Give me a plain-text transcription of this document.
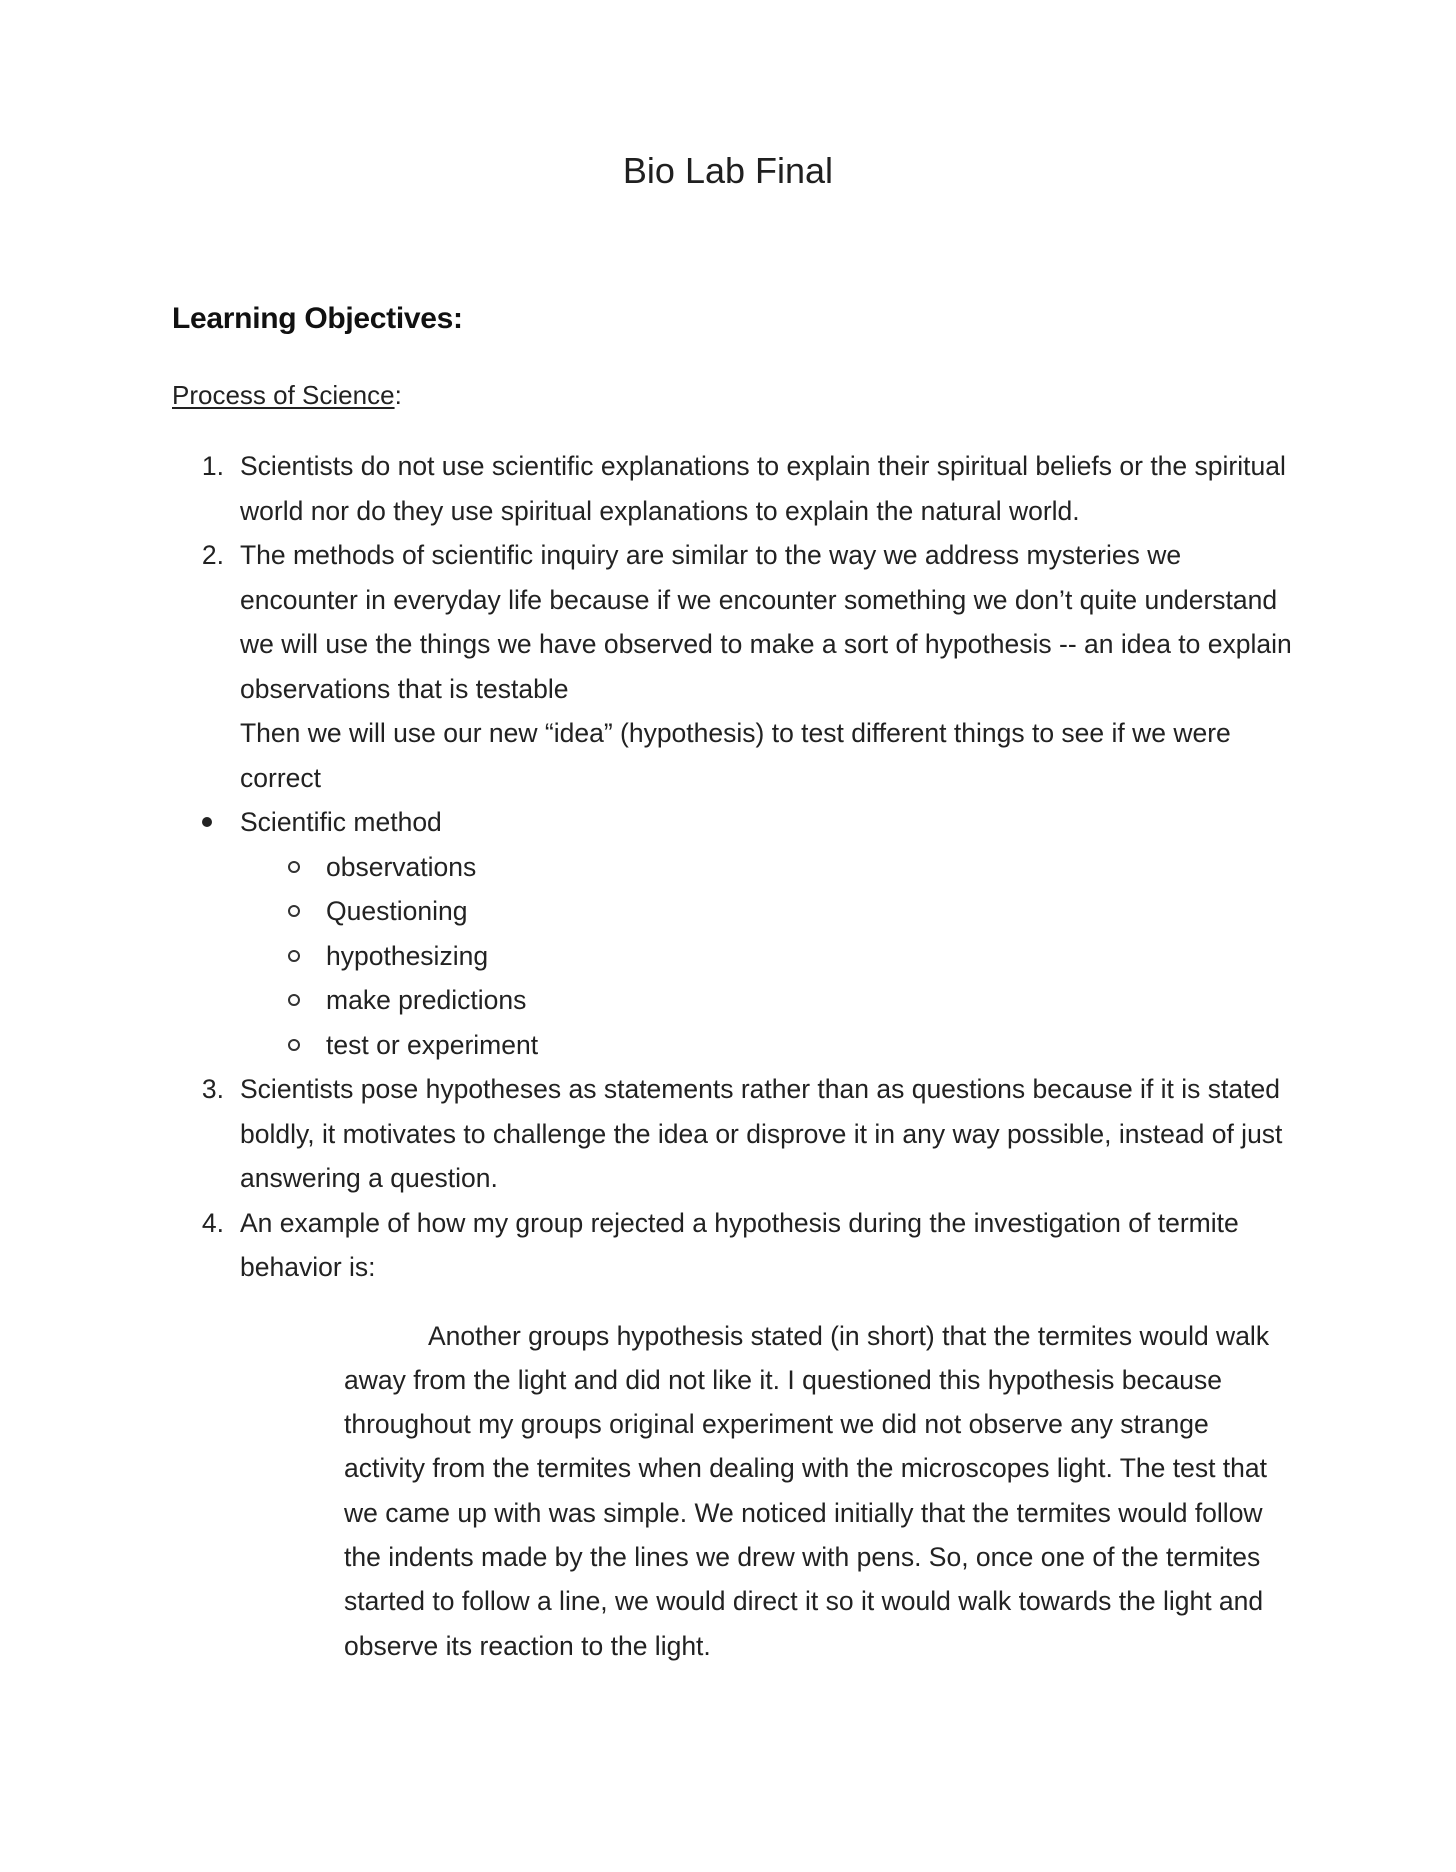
Bio Lab Final
Learning Objectives:

Process of Science:

1. Scientists do not use scientific explanations to explain their spiritual beliefs or the spiritual world nor do they use spiritual explanations to explain the natural world.
2. The methods of scientific inquiry are similar to the way we address mysteries we encounter in everyday life because if we encounter something we don’t quite understand we will use the things we have observed to make a sort of hypothesis -- an idea to explain observations that is testable
Then we will use our new “idea” (hypothesis) to test different things to see if we were correct
Scientific method
observations
Questioning
hypothesizing
make predictions
test or experiment
3. Scientists pose hypotheses as statements rather than as questions because if it is stated boldly, it motivates to challenge the idea or disprove it in any way possible, instead of just answering a question.
4. An example of how my group rejected a hypothesis during the investigation of termite behavior is:

Another groups hypothesis stated (in short) that the termites would walk away from the light and did not like it. I questioned this hypothesis because throughout my groups original experiment we did not observe any strange activity from the termites when dealing with the microscopes light. The test that we came up with was simple. We noticed initially that the termites would follow the indents made by the lines we drew with pens. So, once one of the termites started to follow a line, we would direct it so it would walk towards the light and observe its reaction to the light.
